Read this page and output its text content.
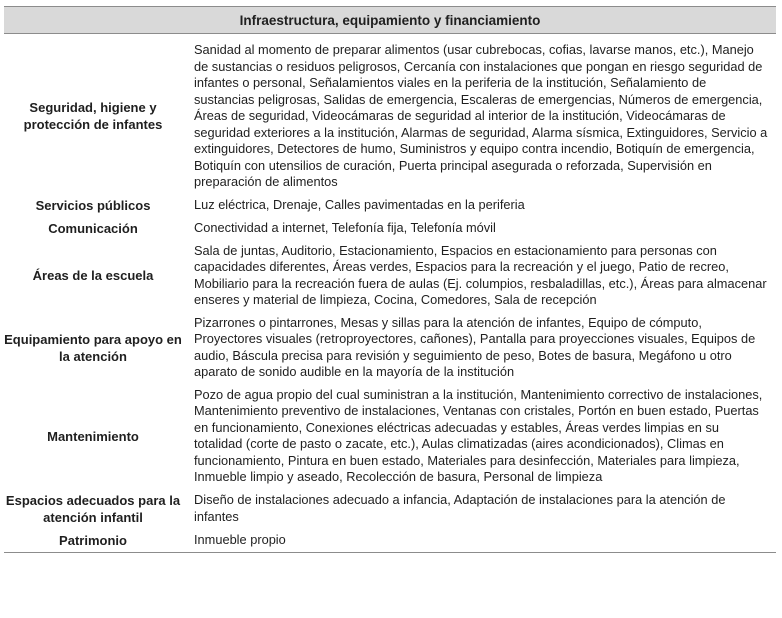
Infraestructura, equipamiento y financiamiento	
Seguridad, higiene y protección de infantes	Sanidad al momento de preparar alimentos (usar cubrebocas, cofias, lavarse manos, etc.), Manejo de sustancias o residuos peligrosos, Cercanía con instalaciones que pongan en riesgo seguridad de infantes o personal, Señalamientos viales en la periferia de la institución, Señalamiento de sustancias peligrosas, Salidas de emergencia, Escaleras de emergencias, Números de emergencia, Áreas de seguridad, Videocámaras de seguridad al interior de la institución, Videocámaras de seguridad exteriores a la institución, Alarmas de seguridad, Alarma sísmica, Extinguidores, Servicio a extinguidores, Detectores de humo, Suministros y equipo contra incendio, Botiquín de emergencia, Botiquín con utensilios de curación, Puerta principal asegurada o reforzada, Supervisión en preparación de alimentos
Servicios públicos	Luz eléctrica, Drenaje, Calles pavimentadas en la periferia
Comunicación	Conectividad a internet, Telefonía fija, Telefonía móvil
Áreas de la escuela	Sala de juntas, Auditorio, Estacionamiento, Espacios en estacionamiento para personas con capacidades diferentes, Áreas verdes, Espacios para la recreación y el juego, Patio de recreo, Mobiliario para la recreación fuera de aulas (Ej. columpios, resbaladillas, etc.), Áreas para almacenar enseres y material de limpieza, Cocina, Comedores, Sala de recepción
Equipamiento para apoyo en la atención	Pizarrones o pintarrones, Mesas y sillas para la atención de infantes, Equipo de cómputo, Proyectores visuales (retroproyectores, cañones), Pantalla para proyecciones visuales, Equipos de audio, Báscula precisa para revisión y seguimiento de peso, Botes de basura, Megáfono u otro aparato de sonido audible en la mayoría de la institución
Mantenimiento	Pozo de agua propio del cual suministran a la institución, Mantenimiento correctivo de instalaciones, Mantenimiento preventivo de instalaciones, Ventanas con cristales, Portón en buen estado, Puertas en funcionamiento, Conexiones eléctricas adecuadas y estables, Áreas verdes limpias en su totalidad (corte de pasto o zacate, etc.), Aulas climatizadas (aires acondicionados), Climas en funcionamiento, Pintura en buen estado, Materiales para desinfección, Materiales para limpieza, Inmueble limpio y aseado, Recolección de basura, Personal de limpieza
Espacios adecuados para la atención infantil	Diseño de instalaciones adecuado a infancia, Adaptación de instalaciones para la atención de infantes
Patrimonio	Inmueble propio
